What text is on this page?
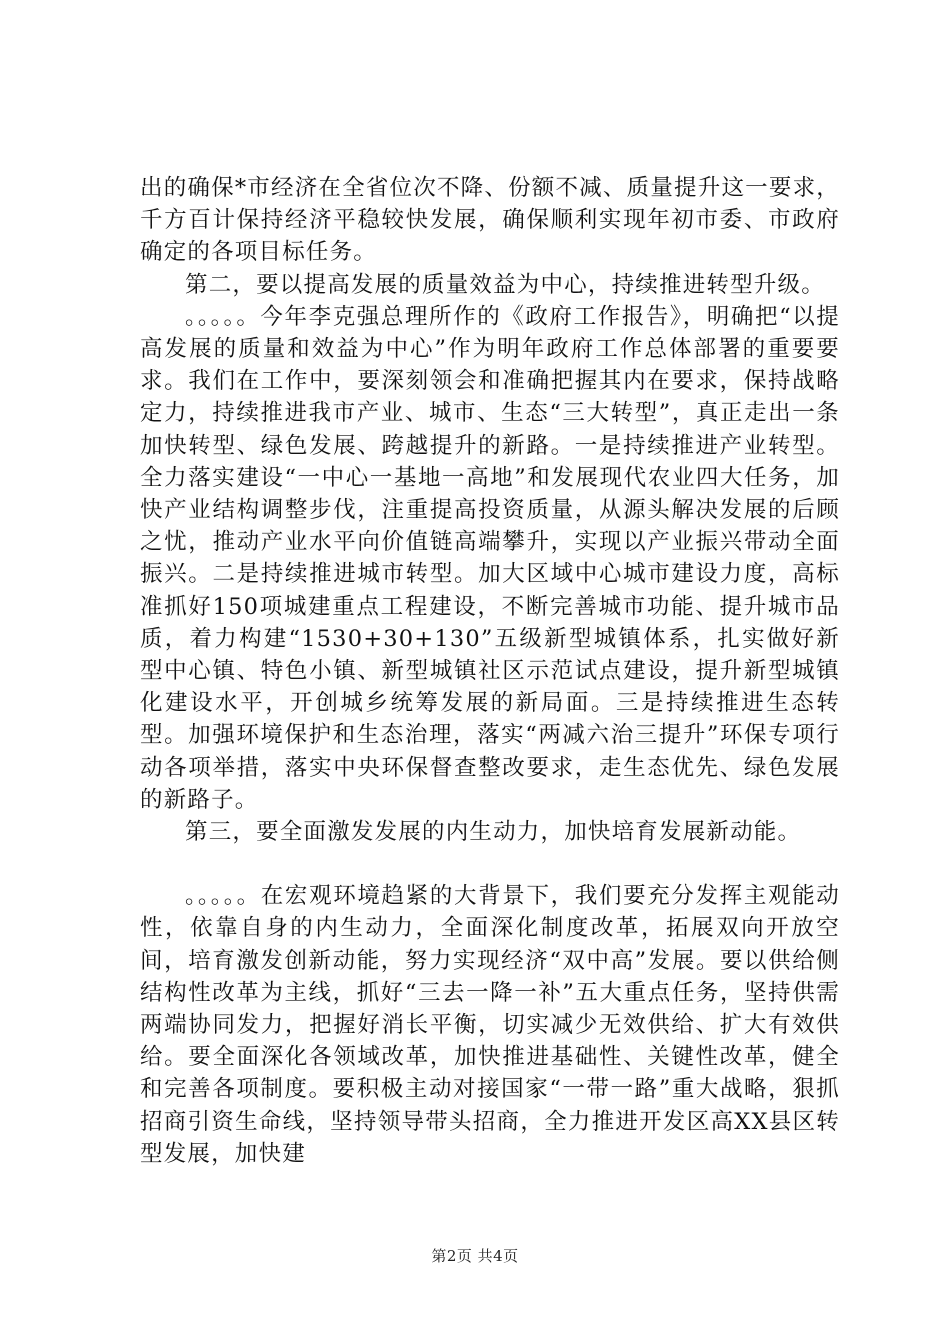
出的确保*市经济在全省位次不降、份额不减、质量提升这一要求，千方百计保持经济平稳较快发展，确保顺利实现年初市委、市政府确定的各项目标任务。

第二，要以提高发展的质量效益为中心，持续推进转型升级。

。。。。。今年李克强总理所作的《政府工作报告》，明确把“以提高发展的质量和效益为中心”作为明年政府工作总体部署的重要要求。我们在工作中，要深刻领会和准确把握其内在要求，保持战略定力，持续推进我市产业、城市、生态“三大转型”，真正走出一条加快转型、绿色发展、跨越提升的新路。一是持续推进产业转型。全力落实建设“一中心一基地一高地”和发展现代农业四大任务，加快产业结构调整步伐，注重提高投资质量，从源头解决发展的后顾之忧，推动产业水平向价值链高端攀升，实现以产业振兴带动全面振兴。二是持续推进城市转型。加大区域中心城市建设力度，高标准抓好150项城建重点工程建设，不断完善城市功能、提升城市品质，着力构建“1530+30+130”五级新型城镇体系，扎实做好新型中心镇、特色小镇、新型城镇社区示范试点建设，提升新型城镇化建设水平，开创城乡统筹发展的新局面。三是持续推进生态转型。加强环境保护和生态治理，落实“两减六治三提升”环保专项行动各项举措，落实中央环保督查整改要求，走生态优先、绿色发展的新路子。

第三，要全面激发发展的内生动力，加快培育发展新动能。

。。。。。在宏观环境趋紧的大背景下，我们要充分发挥主观能动性，依靠自身的内生动力，全面深化制度改革，拓展双向开放空间，培育激发创新动能，努力实现经济“双中高”发展。要以供给侧结构性改革为主线，抓好“三去一降一补”五大重点任务，坚持供需两端协同发力，把握好消长平衡，切实减少无效供给、扩大有效供给。要全面深化各领域改革，加快推进基础性、关键性改革，健全和完善各项制度。要积极主动对接国家“一带一路”重大战略，狠抓招商引资生命线，坚持领导带头招商，全力推进开发区高XX县区转型发展，加快建

第2页 共4页
